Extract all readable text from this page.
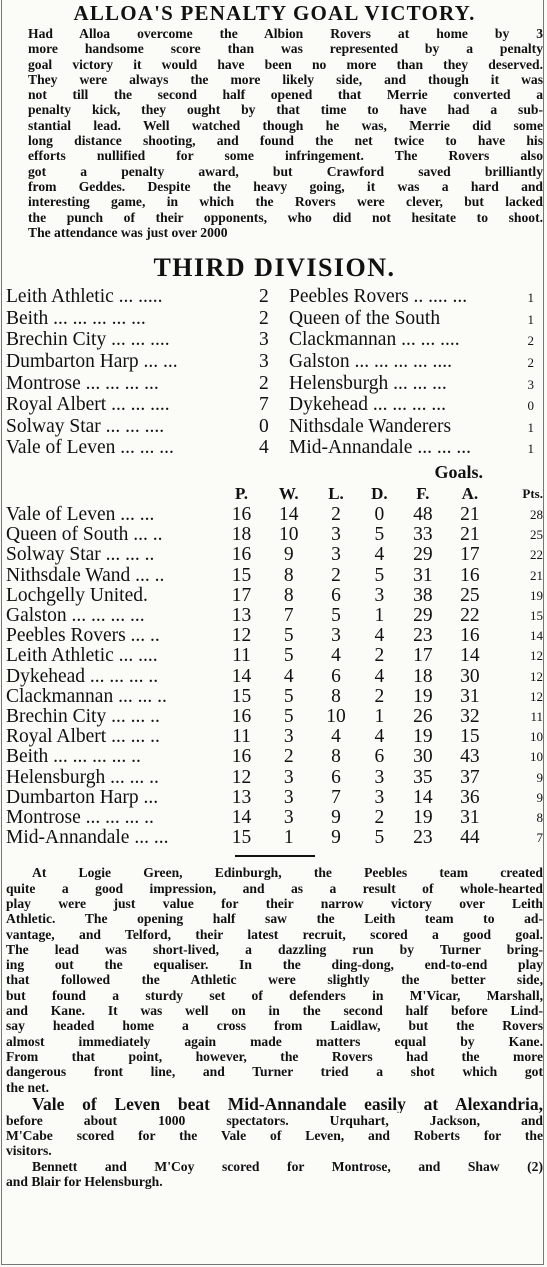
ALLOA'S PENALTY GOAL VICTORY.
Had Alloa overcome the Albion Rovers at home by 3
more handsome score than was represented by a penalty
goal victory it would have been no more than they deserved.
They were always the more likely side, and though it was
not till the second half opened that Merrie converted a
penalty kick, they ought by that time to have had a sub-
stantial lead. Well watched though he was, Merrie did some
long distance shooting, and found the net twice to have his
efforts nullified for some infringement. The Rovers also
got a penalty award, but Crawford saved brilliantly
from Geddes. Despite the heavy going, it was a hard and
interesting game, in which the Rovers were clever, but lacked
the punch of their opponents, who did not hesitate to shoot.
The attendance was just over 2000
THIRD DIVISION.
Leith Athletic ... .....	2	Peebles Rovers .. .... ...	1
Beith ... ... ... ... ...	2	Queen of the South	1
Brechin City ... ... ....	3	Clackmannan ... ... ....	2
Dumbarton Harp ... ...	3	Galston ... ... ... ... ....	2
Montrose ... ... ... ...	2	Helensburgh ... ... ...	3
Royal Albert ... ... ....	7	Dykehead ... ... ... ...	0
Solway Star ... ... ....	0	Nithsdale Wanderers	1
Vale of Leven ... ... ...	4	Mid-Annandale ... ... ...	1
Goals.
	P.	W.	L.	D.	F.	A.	Pts.
Vale of Leven ... ...	16	14	2	0	48	21	28
Queen of South ... ..	18	10	3	5	33	21	25
Solway Star ... ... ..	16	9	3	4	29	17	22
Nithsdale Wand ... ..	15	8	2	5	31	16	21
Lochgelly United.	17	8	6	3	38	25	19
Galston ... ... ... ...	13	7	5	1	29	22	15
Peebles Rovers ... ..	12	5	3	4	23	16	14
Leith Athletic ... ....	11	5	4	2	17	14	12
Dykehead ... ... ... ..	14	4	6	4	18	30	12
Clackmannan ... ... ..	15	5	8	2	19	31	12
Brechin City ... ... ..	16	5	10	1	26	32	11
Royal Albert ... ... ..	11	3	4	4	19	15	10
Beith ... ... ... ... ..	16	2	8	6	30	43	10
Helensburgh ... ... ..	12	3	6	3	35	37	9
Dumbarton Harp ...	13	3	7	3	14	36	9
Montrose ... ... ... ..	14	3	9	2	19	31	8
Mid-Annandale ... ...	15	1	9	5	23	44	7
At Logie Green, Edinburgh, the Peebles team created
quite a good impression, and as a result of whole-hearted
play were just value for their narrow victory over Leith
Athletic. The opening half saw the Leith team to ad-
vantage, and Telford, their latest recruit, scored a good goal.
The lead was short-lived, a dazzling run by Turner bring-
ing out the equaliser. In the ding-dong, end-to-end play
that followed the Athletic were slightly the better side,
but found a sturdy set of defenders in M'Vicar, Marshall,
and Kane. It was well on in the second half before Lind-
say headed home a cross from Laidlaw, but the Rovers
almost immediately again made matters equal by Kane.
From that point, however, the Rovers had the more
dangerous front line, and Turner tried a shot which got
the net.
Vale of Leven beat Mid-Annandale easily at Alexandria,
before about 1000 spectators. Urquhart, Jackson, and
M'Cabe scored for the Vale of Leven, and Roberts for the
visitors.
Bennett and M'Coy scored for Montrose, and Shaw (2)
and Blair for Helensburgh.
